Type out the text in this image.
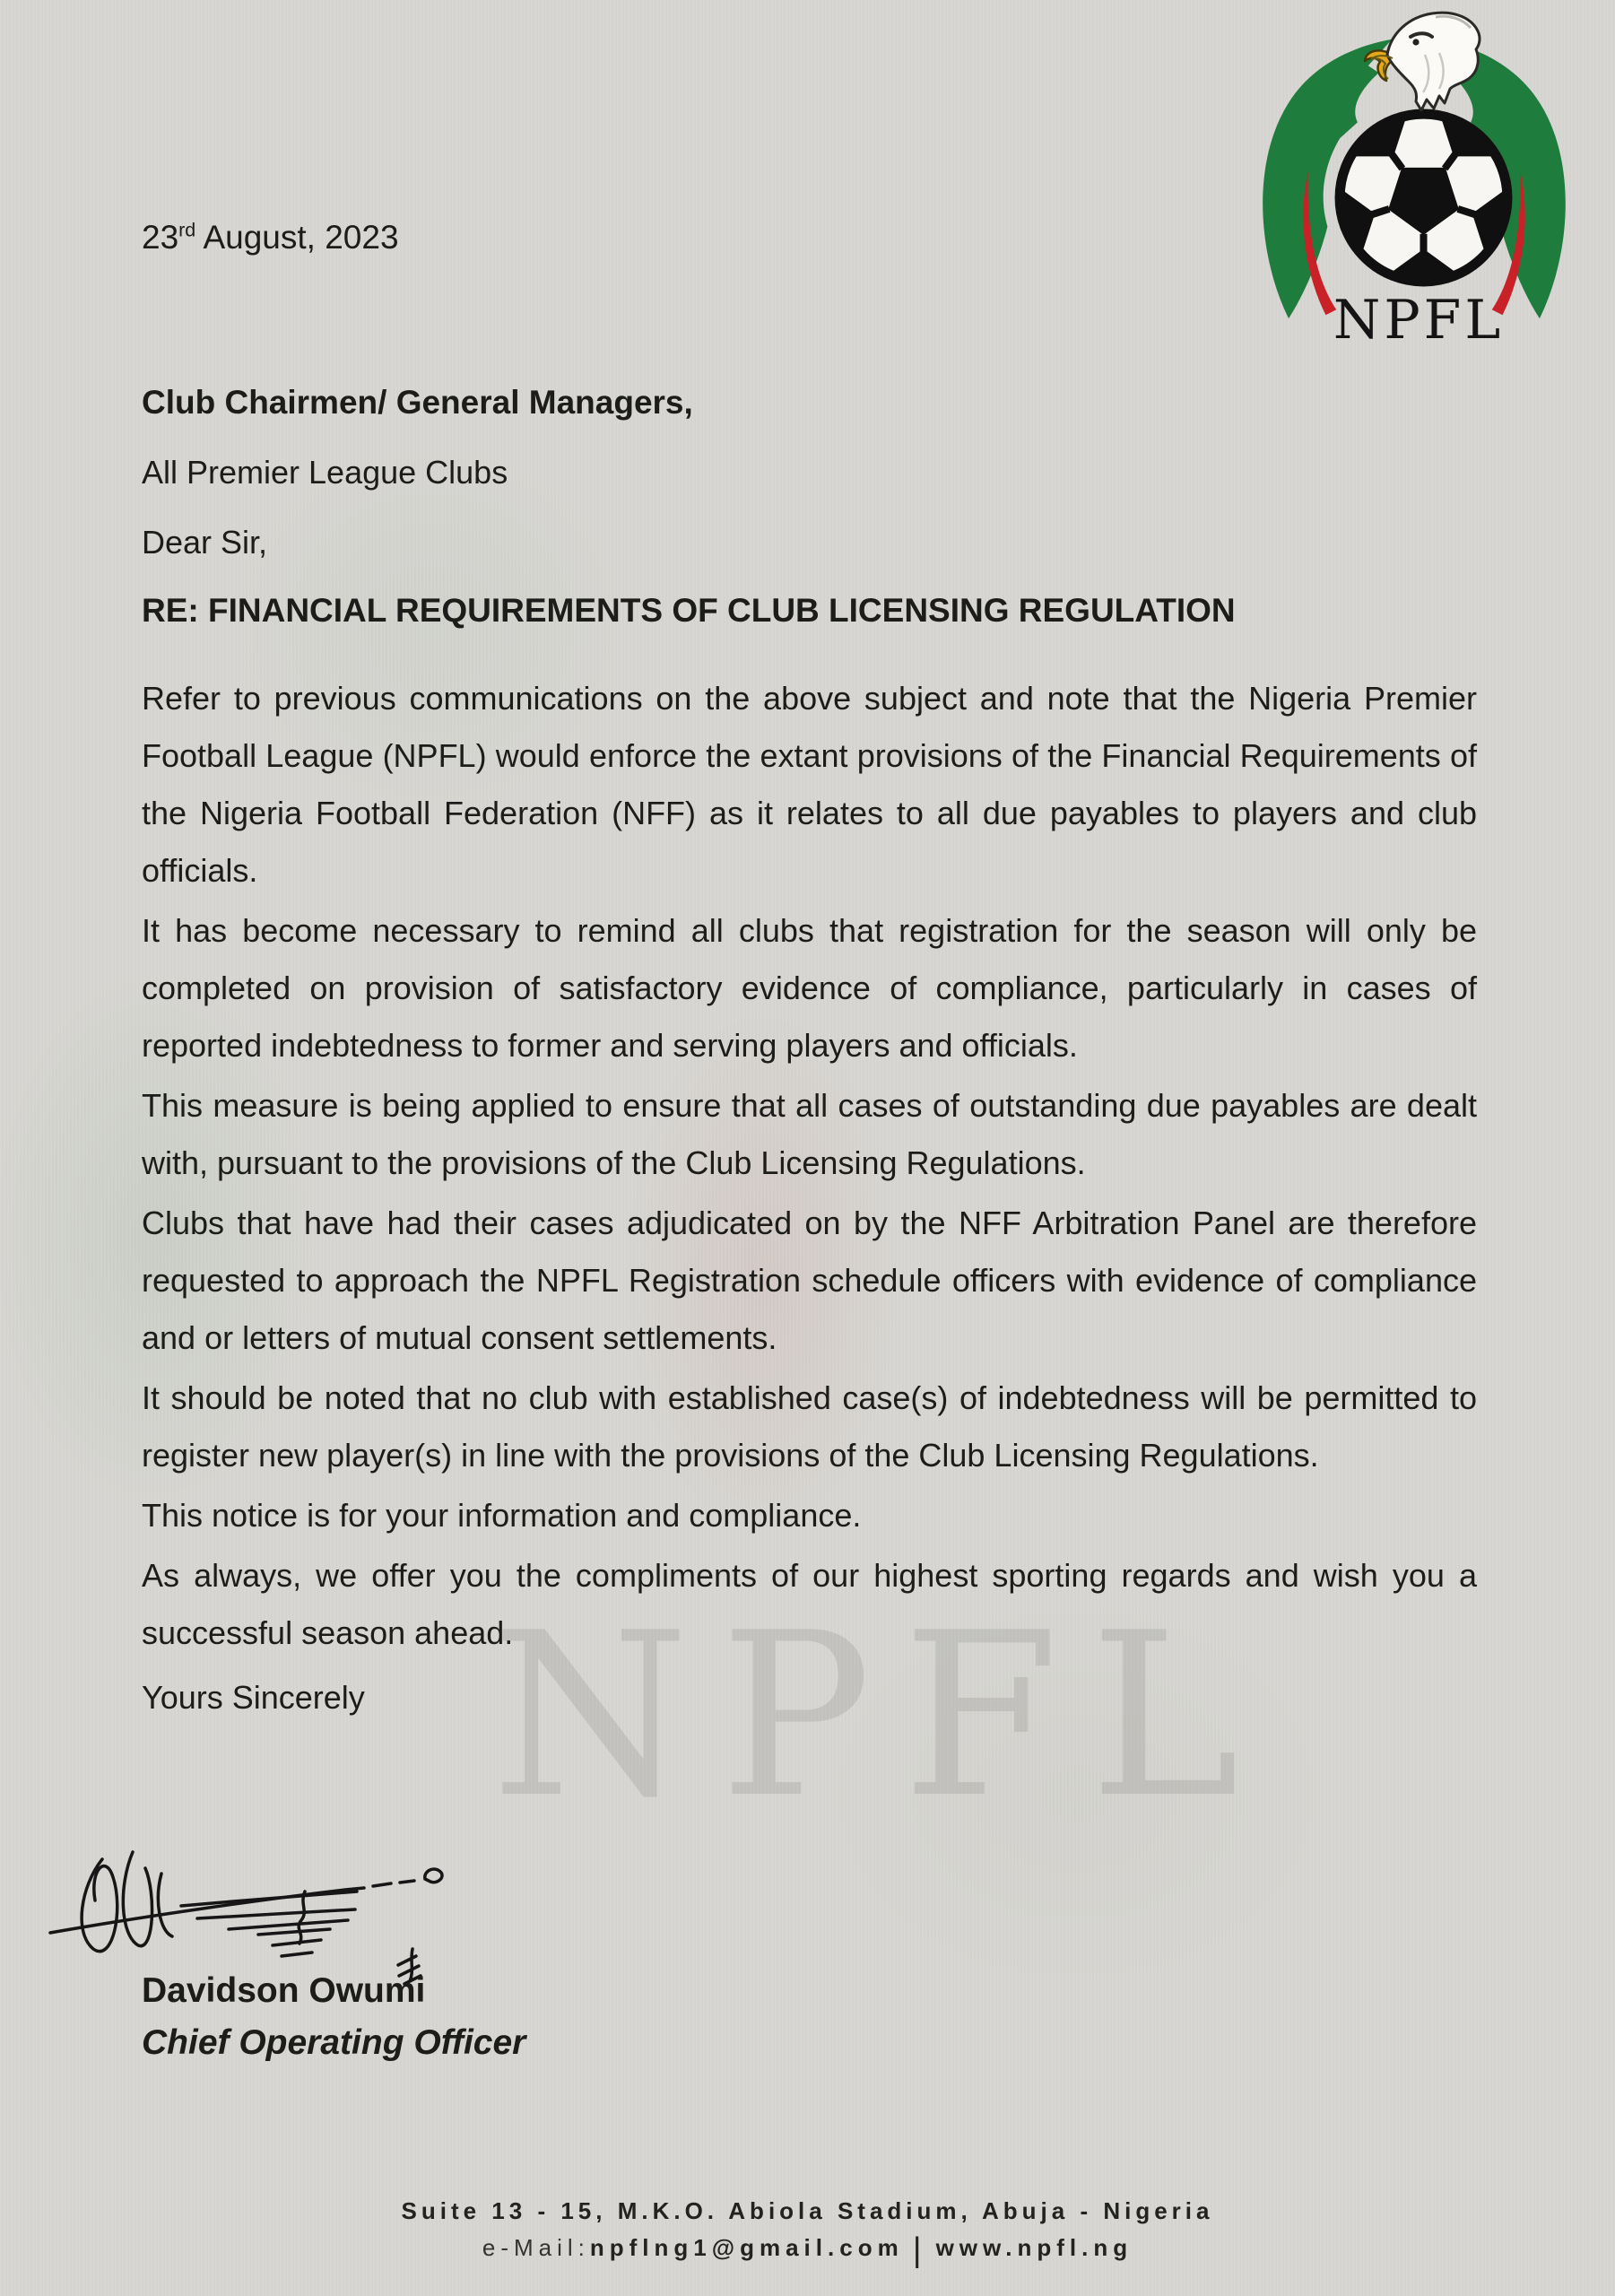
NPFL
NPFL
23rd August, 2023
Club Chairmen/ General Managers,
All Premier League Clubs
Dear Sir,
RE: FINANCIAL REQUIREMENTS OF CLUB LICENSING REGULATION

Refer to previous communications on the above subject and note that the Nigeria Premier Football League (NPFL) would enforce the extant provisions of the Financial Requirements of the Nigeria Football Federation (NFF) as it relates to all due payables to players and club officials.

It has become necessary to remind all clubs that registration for the season will only be completed on provision of satisfactory evidence of compliance, particularly in cases of reported indebtedness to former and serving players and officials.

This measure is being applied to ensure that all cases of outstanding due payables are dealt with, pursuant to the provisions of the Club Licensing Regulations.

Clubs that have had their cases adjudicated on by the NFF Arbitration Panel are therefore requested to approach the NPFL Registration schedule officers with evidence of compliance and or letters of mutual consent settlements.

It should be noted that no club with established case(s) of indebtedness will be permitted to register new player(s) in line with the provisions of the Club Licensing Regulations.

This notice is for your information and compliance.

As always, we offer you the compliments of our highest sporting regards and wish you a successful season ahead.

Yours Sincerely

Davidson Owumi
Chief Operating Officer
Suite 13 - 15, M.K.O. Abiola Stadium, Abuja - Nigeria
e-Mail:npflng1@gmail.com | www.npfl.ng
